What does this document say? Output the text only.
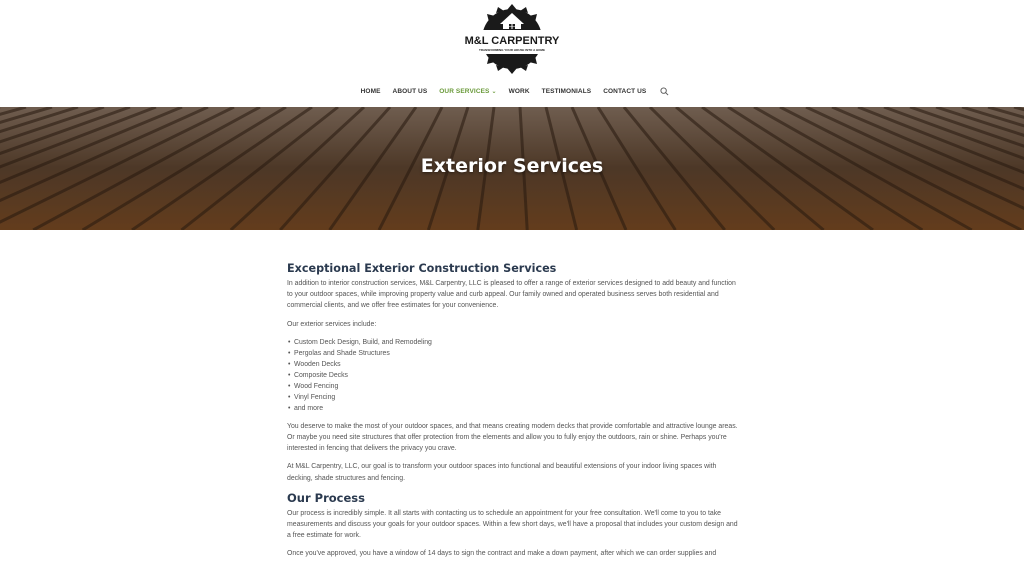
M&L CARPENTRY
TRANSFORMING YOUR HOUSE INTO A HOME
HOME ABOUT US OUR SERVICES ⌄ WORK TESTIMONIALS CONTACT US
Exterior Services
Exceptional Exterior Construction Services

In addition to interior construction services, M&L Carpentry, LLC is pleased to offer a range of exterior services designed to add beauty and function to your outdoor spaces, while improving property value and curb appeal. Our family owned and operated business serves both residential and commercial clients, and we offer free estimates for your convenience.

Our exterior services include:

• Custom Deck Design, Build, and Remodeling
• Pergolas and Shade Structures
• Wooden Decks
• Composite Decks
• Wood Fencing
• Vinyl Fencing
• and more

You deserve to make the most of your outdoor spaces, and that means creating modern decks that provide comfortable and attractive lounge areas. Or maybe you need site structures that offer protection from the elements and allow you to fully enjoy the outdoors, rain or shine. Perhaps you're interested in fencing that delivers the privacy you crave.

At M&L Carpentry, LLC, our goal is to transform your outdoor spaces into functional and beautiful extensions of your indoor living spaces with decking, shade structures and fencing.

Our Process

Our process is incredibly simple. It all starts with contacting us to schedule an appointment for your free consultation. We'll come to you to take measurements and discuss your goals for your outdoor spaces. Within a few short days, we'll have a proposal that includes your custom design and a free estimate for work.

Once you've approved, you have a window of 14 days to sign the contract and make a down payment, after which we can order supplies and
